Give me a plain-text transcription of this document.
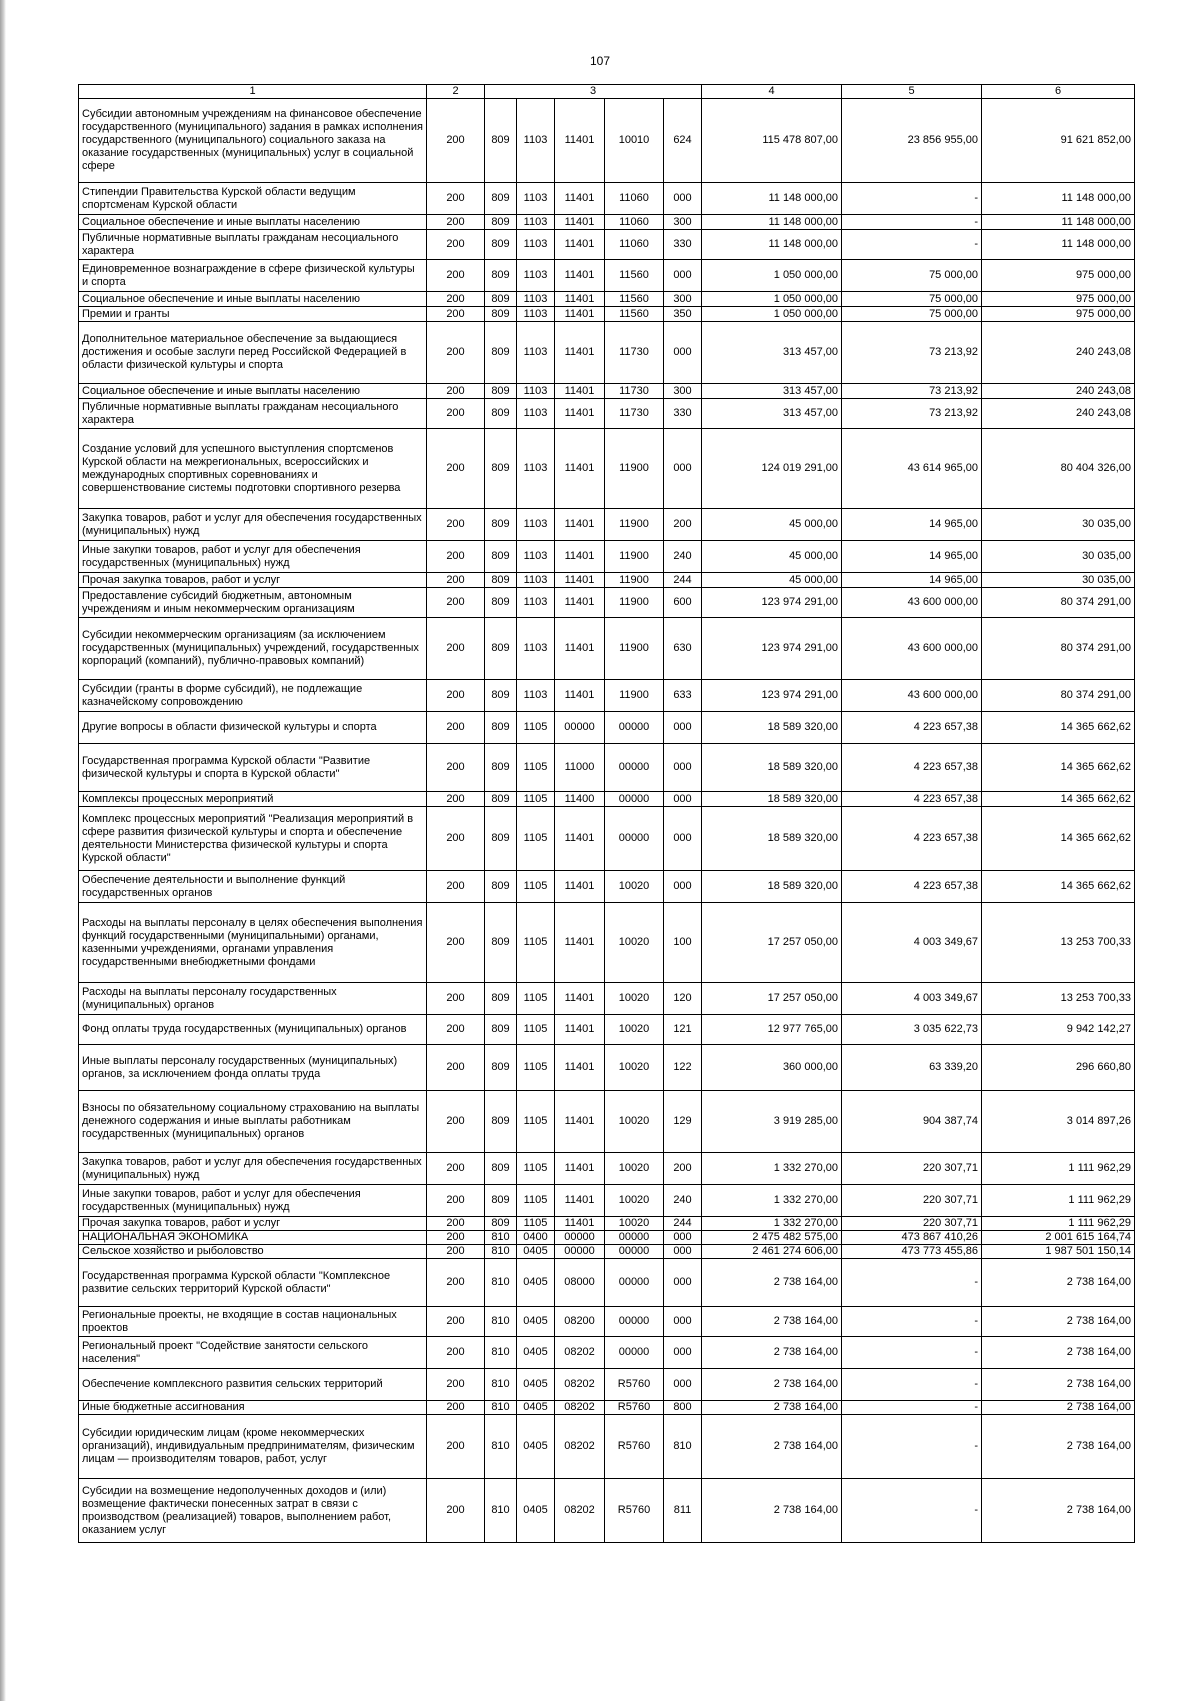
107
1	2	3					4	5	6
Субсидии автономным учреждениям на финансовое обеспечение государственного (муниципального) задания в рамках исполнения государственного (муниципального) социального заказа на оказание государственных (муниципальных) услуг в социальной сфере	200	809	1103	11401	10010	624	115 478 807,00	23 856 955,00	91 621 852,00
Стипендии Правительства Курской области ведущим спортсменам Курской области	200	809	1103	11401	11060	000	11 148 000,00	-	11 148 000,00
Социальное обеспечение и иные выплаты населению	200	809	1103	11401	11060	300	11 148 000,00	-	11 148 000,00
Публичные нормативные выплаты гражданам несоциального характера	200	809	1103	11401	11060	330	11 148 000,00	-	11 148 000,00
Единовременное вознаграждение в сфере физической культуры и спорта	200	809	1103	11401	11560	000	1 050 000,00	75 000,00	975 000,00
Социальное обеспечение и иные выплаты населению	200	809	1103	11401	11560	300	1 050 000,00	75 000,00	975 000,00
Премии и гранты	200	809	1103	11401	11560	350	1 050 000,00	75 000,00	975 000,00
Дополнительное материальное обеспечение за выдающиеся достижения и особые заслуги перед Российской Федерацией в области физической культуры и спорта	200	809	1103	11401	11730	000	313 457,00	73 213,92	240 243,08
Социальное обеспечение и иные выплаты населению	200	809	1103	11401	11730	300	313 457,00	73 213,92	240 243,08
Публичные нормативные выплаты гражданам несоциального характера	200	809	1103	11401	11730	330	313 457,00	73 213,92	240 243,08
Создание условий для успешного выступления спортсменов Курской области на межрегиональных, всероссийских и международных спортивных соревнованиях и совершенствование системы подготовки спортивного резерва	200	809	1103	11401	11900	000	124 019 291,00	43 614 965,00	80 404 326,00
Закупка товаров, работ и услуг для обеспечения государственных (муниципальных) нужд	200	809	1103	11401	11900	200	45 000,00	14 965,00	30 035,00
Иные закупки товаров, работ и услуг для обеспечения государственных (муниципальных) нужд	200	809	1103	11401	11900	240	45 000,00	14 965,00	30 035,00
Прочая закупка товаров, работ и услуг	200	809	1103	11401	11900	244	45 000,00	14 965,00	30 035,00
Предоставление субсидий бюджетным, автономным учреждениям и иным некоммерческим организациям	200	809	1103	11401	11900	600	123 974 291,00	43 600 000,00	80 374 291,00
Субсидии некоммерческим организациям (за исключением государственных (муниципальных) учреждений, государственных корпораций (компаний), публично-правовых компаний)	200	809	1103	11401	11900	630	123 974 291,00	43 600 000,00	80 374 291,00
Субсидии (гранты в форме субсидий), не подлежащие казначейскому сопровождению	200	809	1103	11401	11900	633	123 974 291,00	43 600 000,00	80 374 291,00
Другие вопросы в области физической культуры и спорта	200	809	1105	00000	00000	000	18 589 320,00	4 223 657,38	14 365 662,62
Государственная программа Курской области "Развитие физической культуры и спорта в Курской области"	200	809	1105	11000	00000	000	18 589 320,00	4 223 657,38	14 365 662,62
Комплексы процессных мероприятий	200	809	1105	11400	00000	000	18 589 320,00	4 223 657,38	14 365 662,62
Комплекс процессных мероприятий "Реализация мероприятий в сфере развития физической культуры и спорта и обеспечение деятельности Министерства физической культуры и спорта Курской области"	200	809	1105	11401	00000	000	18 589 320,00	4 223 657,38	14 365 662,62
Обеспечение деятельности и выполнение функций государственных органов	200	809	1105	11401	10020	000	18 589 320,00	4 223 657,38	14 365 662,62
Расходы на выплаты персоналу в целях обеспечения выполнения функций государственными (муниципальными) органами, казенными учреждениями, органами управления государственными внебюджетными фондами	200	809	1105	11401	10020	100	17 257 050,00	4 003 349,67	13 253 700,33
Расходы на выплаты персоналу государственных (муниципальных) органов	200	809	1105	11401	10020	120	17 257 050,00	4 003 349,67	13 253 700,33
Фонд оплаты труда государственных (муниципальных) органов	200	809	1105	11401	10020	121	12 977 765,00	3 035 622,73	9 942 142,27
Иные выплаты персоналу государственных (муниципальных) органов, за исключением фонда оплаты труда	200	809	1105	11401	10020	122	360 000,00	63 339,20	296 660,80
Взносы по обязательному социальному страхованию на выплаты денежного содержания и иные выплаты работникам государственных (муниципальных) органов	200	809	1105	11401	10020	129	3 919 285,00	904 387,74	3 014 897,26
Закупка товаров, работ и услуг для обеспечения государственных (муниципальных) нужд	200	809	1105	11401	10020	200	1 332 270,00	220 307,71	1 111 962,29
Иные закупки товаров, работ и услуг для обеспечения государственных (муниципальных) нужд	200	809	1105	11401	10020	240	1 332 270,00	220 307,71	1 111 962,29
Прочая закупка товаров, работ и услуг	200	809	1105	11401	10020	244	1 332 270,00	220 307,71	1 111 962,29
НАЦИОНАЛЬНАЯ ЭКОНОМИКА	200	810	0400	00000	00000	000	2 475 482 575,00	473 867 410,26	2 001 615 164,74
Сельское хозяйство и рыболовство	200	810	0405	00000	00000	000	2 461 274 606,00	473 773 455,86	1 987 501 150,14
Государственная программа Курской области "Комплексное развитие сельских территорий Курской области"	200	810	0405	08000	00000	000	2 738 164,00	-	2 738 164,00
Региональные проекты, не входящие в состав национальных проектов	200	810	0405	08200	00000	000	2 738 164,00	-	2 738 164,00
Региональный проект "Содействие занятости сельского населения"	200	810	0405	08202	00000	000	2 738 164,00	-	2 738 164,00
Обеспечение комплексного развития сельских территорий	200	810	0405	08202	R5760	000	2 738 164,00	-	2 738 164,00
Иные бюджетные ассигнования	200	810	0405	08202	R5760	800	2 738 164,00	-	2 738 164,00
Субсидии юридическим лицам (кроме некоммерческих организаций), индивидуальным предпринимателям, физическим лицам — производителям товаров, работ, услуг	200	810	0405	08202	R5760	810	2 738 164,00	-	2 738 164,00
Субсидии на возмещение недополученных доходов и (или) возмещение фактически понесенных затрат в связи с производством (реализацией) товаров, выполнением работ, оказанием услуг	200	810	0405	08202	R5760	811	2 738 164,00	-	2 738 164,00
